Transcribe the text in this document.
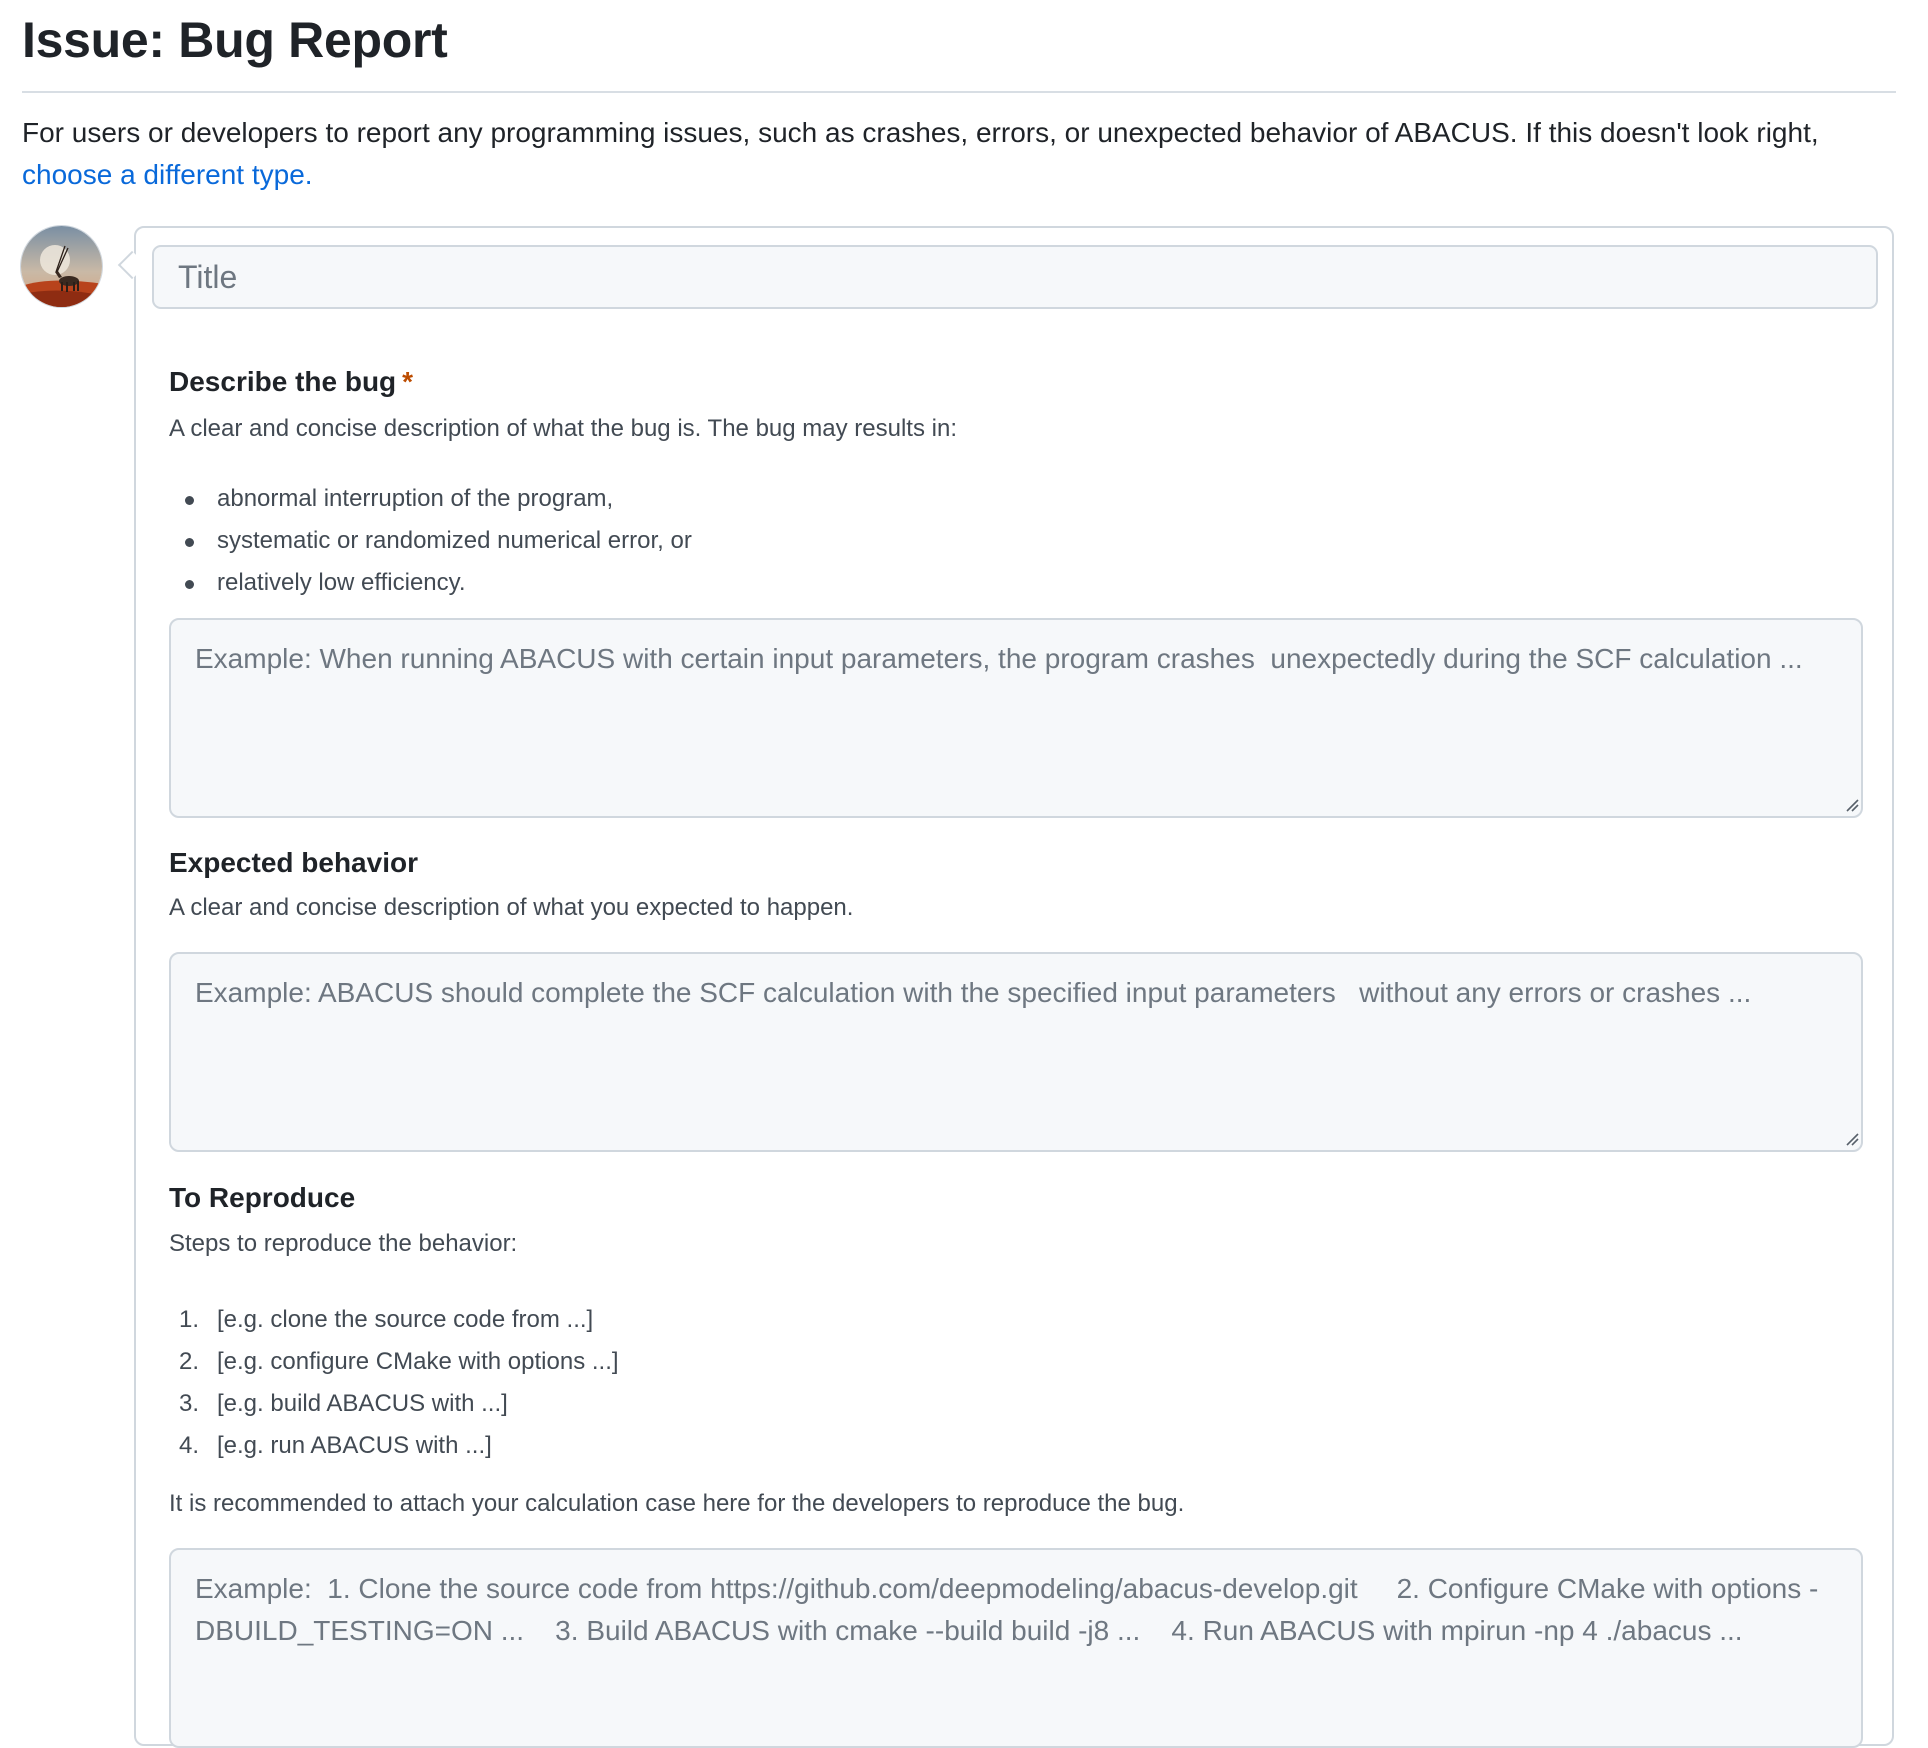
Issue: Bug Report
For users or developers to report any programming issues, such as crashes, errors, or unexpected behavior of ABACUS. If this doesn't look right,
choose a different type.
Title
Describe the bug *
A clear and concise description of what the bug is. The bug may results in:
abnormal interruption of the program,
systematic or randomized numerical error, or
relatively low efficiency.
Example: When running ABACUS with certain input parameters, the program crashes unexpectedly during the SCF calculation ...
Expected behavior
A clear and concise description of what you expected to happen.
Example: ABACUS should complete the SCF calculation with the specified input parameters without any errors or crashes ...
To Reproduce
Steps to reproduce the behavior:
1. [e.g. clone the source code from ...]
2. [e.g. configure CMake with options ...]
3. [e.g. build ABACUS with ...]
4. [e.g. run ABACUS with ...]
It is recommended to attach your calculation case here for the developers to reproduce the bug.
Example: 1. Clone the source code from https://github.com/deepmodeling/abacus-develop.git 2. Configure CMake with options -DBUILD_TESTING=ON ... 3. Build ABACUS with cmake --build build -j8 ... 4. Run ABACUS with mpirun -np 4 ./abacus ...
